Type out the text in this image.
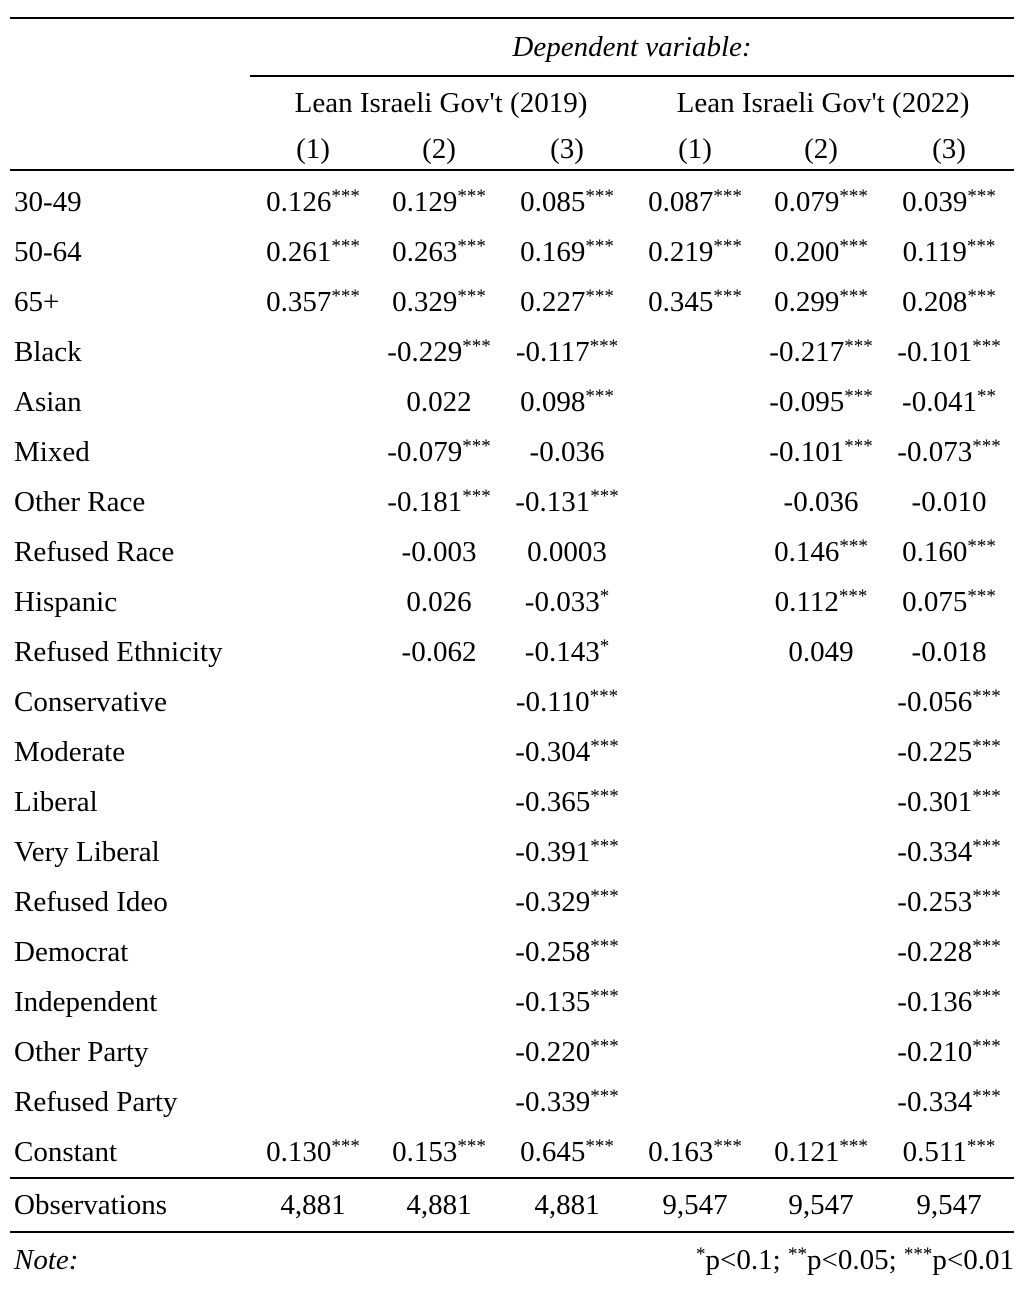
	Dependent variable:					

	Lean Israeli Gov't (2019)			Lean Israeli Gov't (2022)		
	(1)	(2)	(3)	(1)	(2)	(3)

30-49	0.126***	0.129***	0.085***	0.087***	0.079***	0.039***
50-64	0.261***	0.263***	0.169***	0.219***	0.200***	0.119***
65+	0.357***	0.329***	0.227***	0.345***	0.299***	0.208***
Black		-0.229***	-0.117***		-0.217***	-0.101***
Asian		0.022	0.098***		-0.095***	-0.041**
Mixed		-0.079***	-0.036		-0.101***	-0.073***
Other Race		-0.181***	-0.131***		-0.036	-0.010
Refused Race		-0.003	0.0003		0.146***	0.160***
Hispanic		0.026	-0.033*		0.112***	0.075***
Refused Ethnicity		-0.062	-0.143*		0.049	-0.018
Conservative			-0.110***			-0.056***
Moderate			-0.304***			-0.225***
Liberal			-0.365***			-0.301***
Very Liberal			-0.391***			-0.334***
Refused Ideo			-0.329***			-0.253***
Democrat			-0.258***			-0.228***
Independent			-0.135***			-0.136***
Other Party			-0.220***			-0.210***
Refused Party			-0.339***			-0.334***
Constant	0.130***	0.153***	0.645***	0.163***	0.121***	0.511***

Observations	4,881	4,881	4,881	9,547	9,547	9,547

Note:	*p<0.1; **p<0.05; ***p<0.01					
